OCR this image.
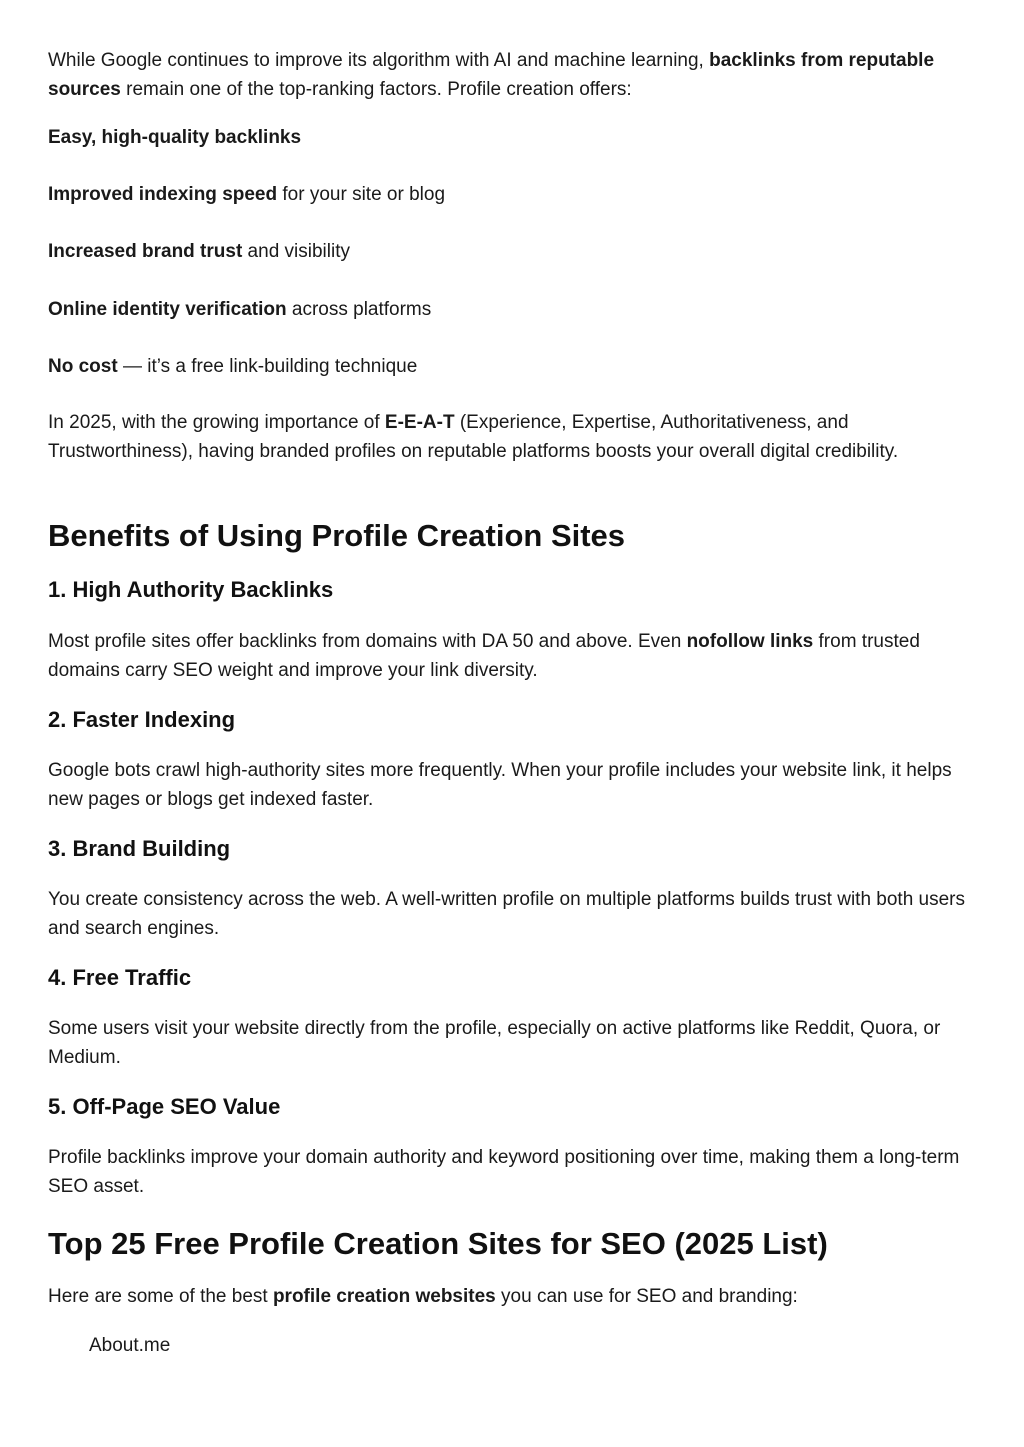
While Google continues to improve its algorithm with AI and machine learning, backlinks from reputable sources remain one of the top-ranking factors. Profile creation offers:

Easy, high-quality backlinks

Improved indexing speed for your site or blog

Increased brand trust and visibility

Online identity verification across platforms

No cost — it’s a free link-building technique

In 2025, with the growing importance of E-E-A-T (Experience, Expertise, Authoritativeness, and Trustworthiness), having branded profiles on reputable platforms boosts your overall digital credibility.

Benefits of Using Profile Creation Sites
1. High Authority Backlinks

Most profile sites offer backlinks from domains with DA 50 and above. Even nofollow links from trusted domains carry SEO weight and improve your link diversity.

2. Faster Indexing

Google bots crawl high-authority sites more frequently. When your profile includes your website link, it helps new pages or blogs get indexed faster.

3. Brand Building

You create consistency across the web. A well-written profile on multiple platforms builds trust with both users and search engines.

4. Free Traffic

Some users visit your website directly from the profile, especially on active platforms like Reddit, Quora, or Medium.

5. Off-Page SEO Value

Profile backlinks improve your domain authority and keyword positioning over time, making them a long-term SEO asset.

Top 25 Free Profile Creation Sites for SEO (2025 List)

Here are some of the best profile creation websites you can use for SEO and branding:

About.me
